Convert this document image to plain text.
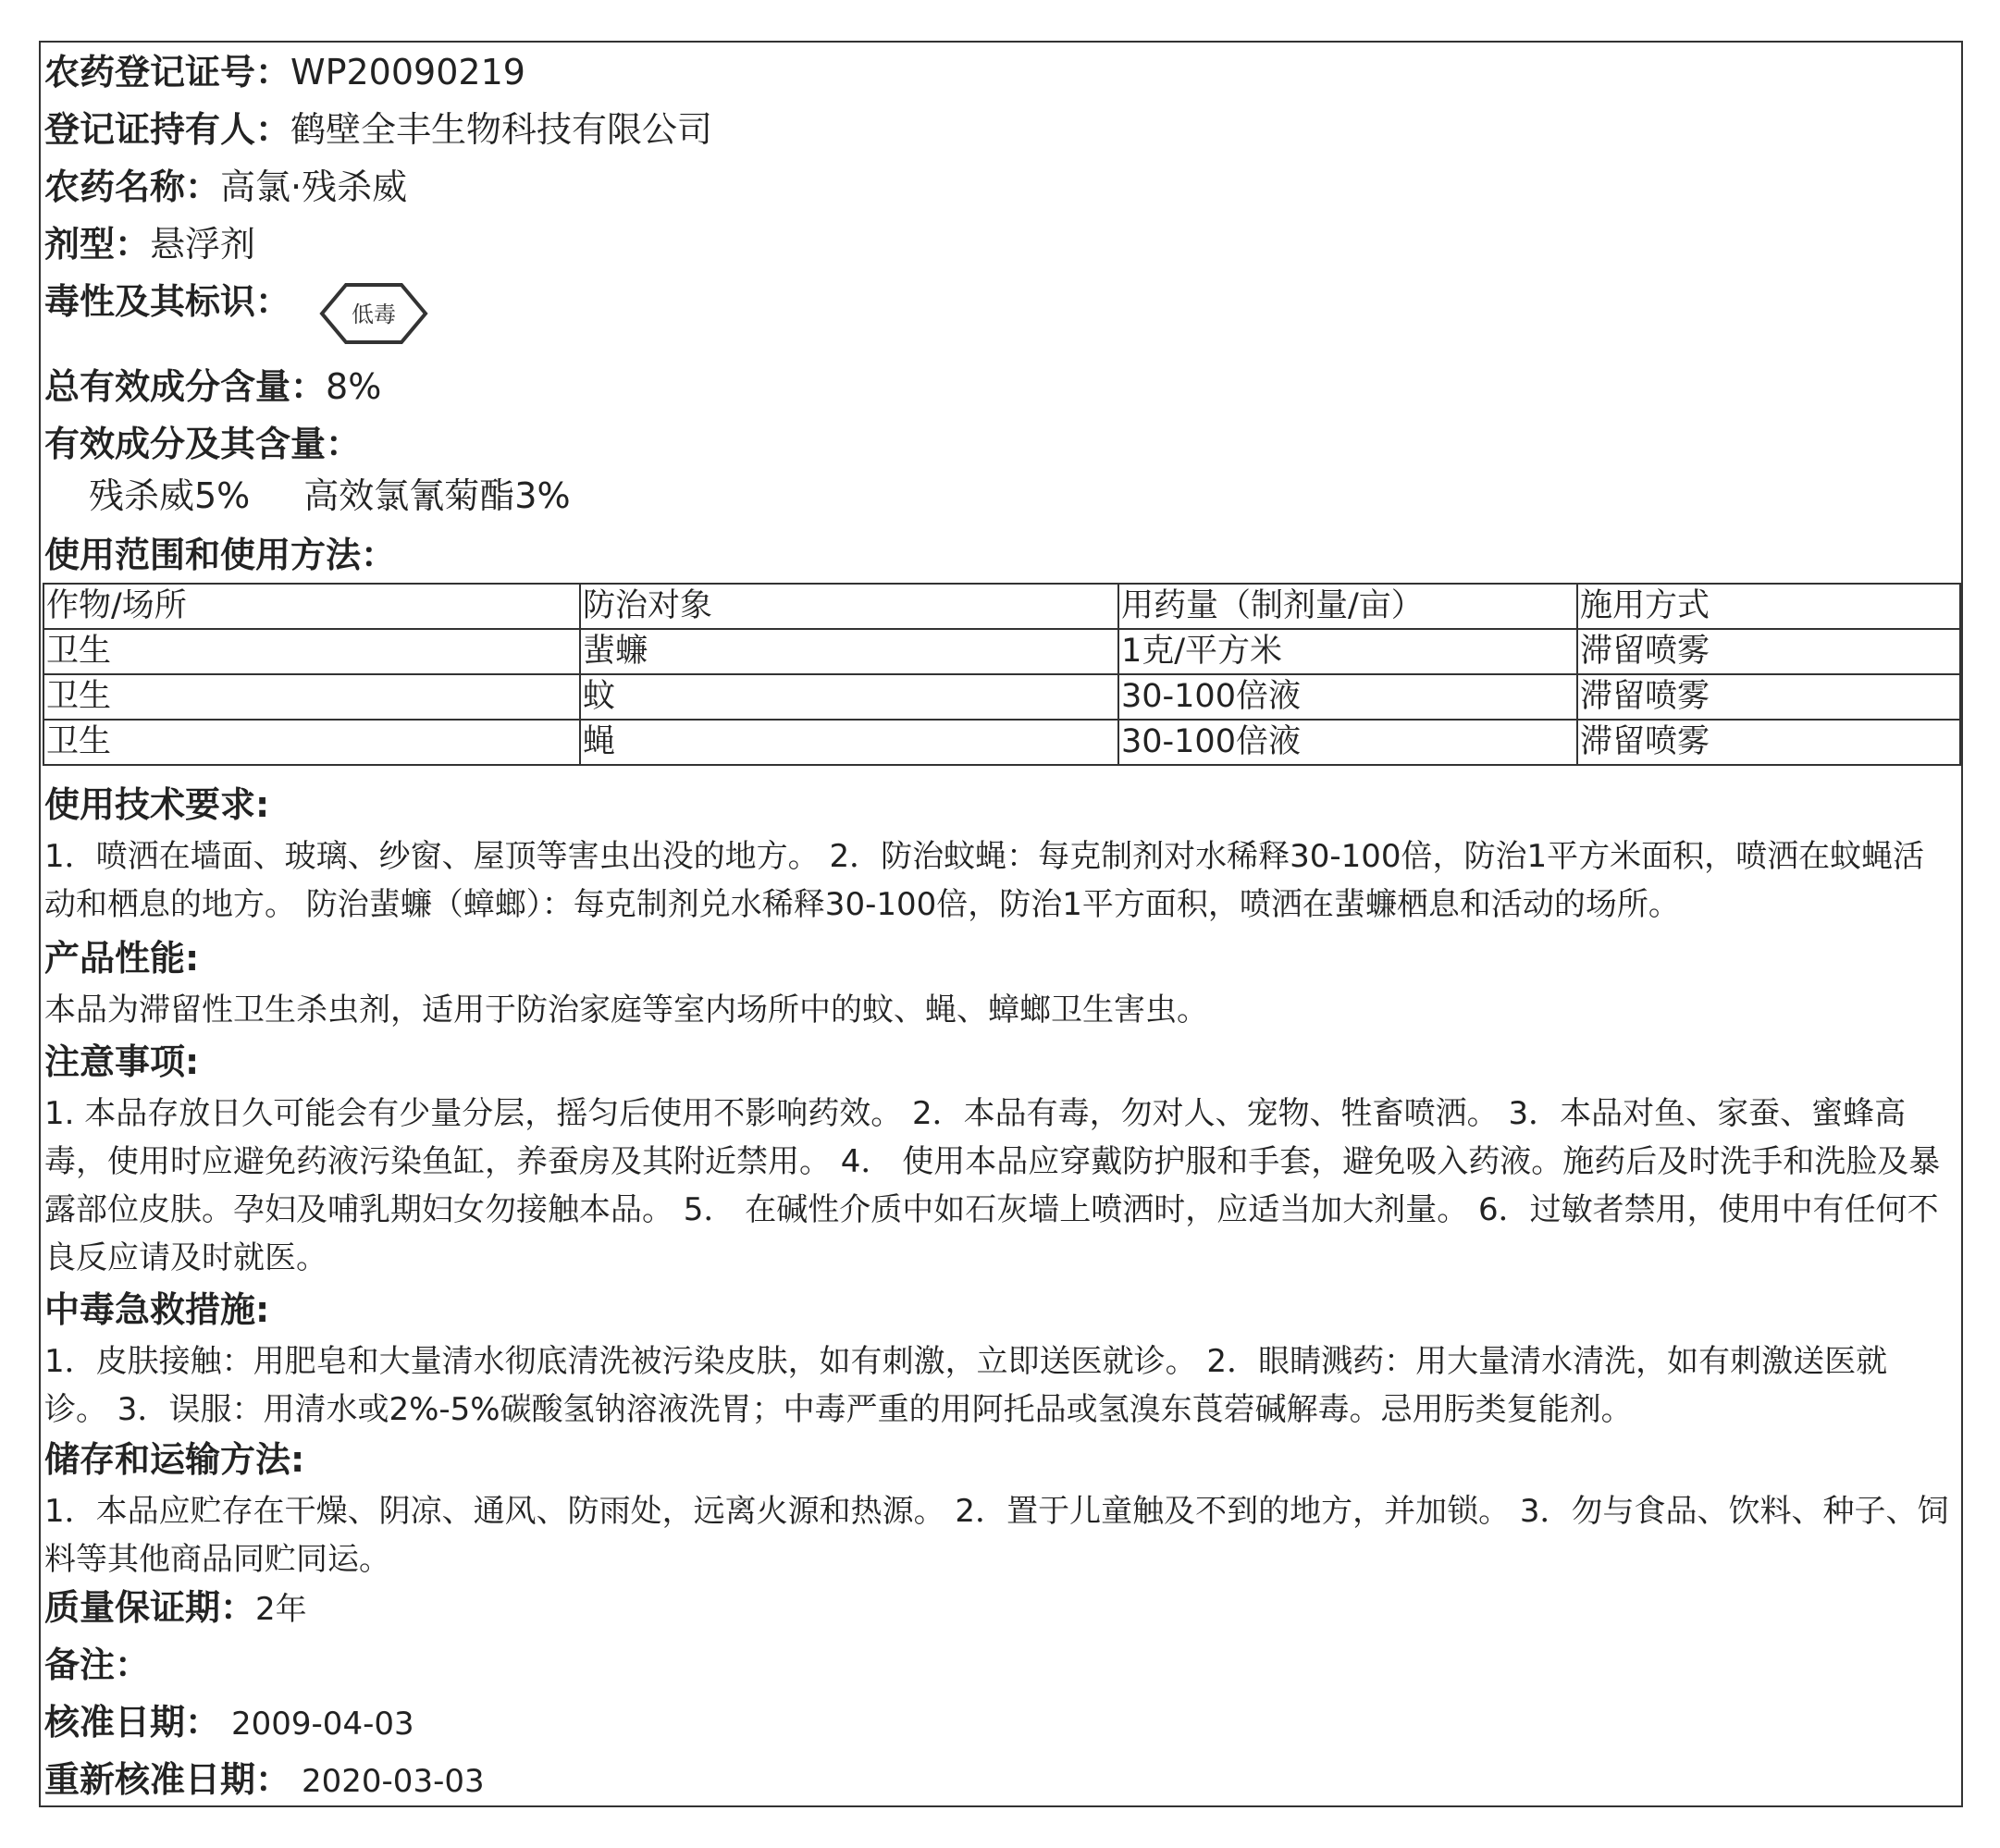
农药登记证号：WP20090219
登记证持有人：鹤壁全丰生物科技有限公司
农药名称：高氯·残杀威
剂型：悬浮剂
毒性及其标识：	低毒
总有效成分含量：8%
有效成分及其含量：
残杀威5% 高效氯氰菊酯3%
使用范围和使用方法：
作物/场所	防治对象	用药量（制剂量/亩）	施用方式
卫生	蜚蠊	1克/平方米	滞留喷雾
卫生	蚊	30-100倍液	滞留喷雾
卫生	蝇	30-100倍液	滞留喷雾
使用技术要求:
1．喷洒在墙面、玻璃、纱窗、屋顶等害虫出没的地方。 2．防治蚊蝇：每克制剂对水稀释30-100倍，防治1平方米面积，喷洒在蚊蝇活动和栖息的地方。 防治蜚蠊（蟑螂）：每克制剂兑水稀释30-100倍，防治1平方面积，喷洒在蜚蠊栖息和活动的场所。
产品性能:
本品为滞留性卫生杀虫剂，适用于防治家庭等室内场所中的蚊、蝇、蟑螂卫生害虫。
注意事项:
1. 本品存放日久可能会有少量分层，摇匀后使用不影响药效。 2．本品有毒，勿对人、宠物、牲畜喷洒。 3．本品对鱼、家蚕、蜜蜂高毒，使用时应避免药液污染鱼缸，养蚕房及其附近禁用。 4． 使用本品应穿戴防护服和手套，避免吸入药液。施药后及时洗手和洗脸及暴露部位皮肤。孕妇及哺乳期妇女勿接触本品。 5． 在碱性介质中如石灰墙上喷洒时，应适当加大剂量。 6．过敏者禁用，使用中有任何不良反应请及时就医。
中毒急救措施:
1．皮肤接触：用肥皂和大量清水彻底清洗被污染皮肤，如有刺激，立即送医就诊。 2．眼睛溅药：用大量清水清洗，如有刺激送医就诊。 3．误服：用清水或2%-5%碳酸氢钠溶液洗胃；中毒严重的用阿托品或氢溴东莨菪碱解毒。忌用肟类复能剂。
储存和运输方法:
1．本品应贮存在干燥、阴凉、通风、防雨处，远离火源和热源。 2．置于儿童触及不到的地方，并加锁。 3．勿与食品、饮料、种子、饲料等其他商品同贮同运。
质量保证期：2年
备注：
核准日期： 2009-04-03
重新核准日期： 2020-03-03
